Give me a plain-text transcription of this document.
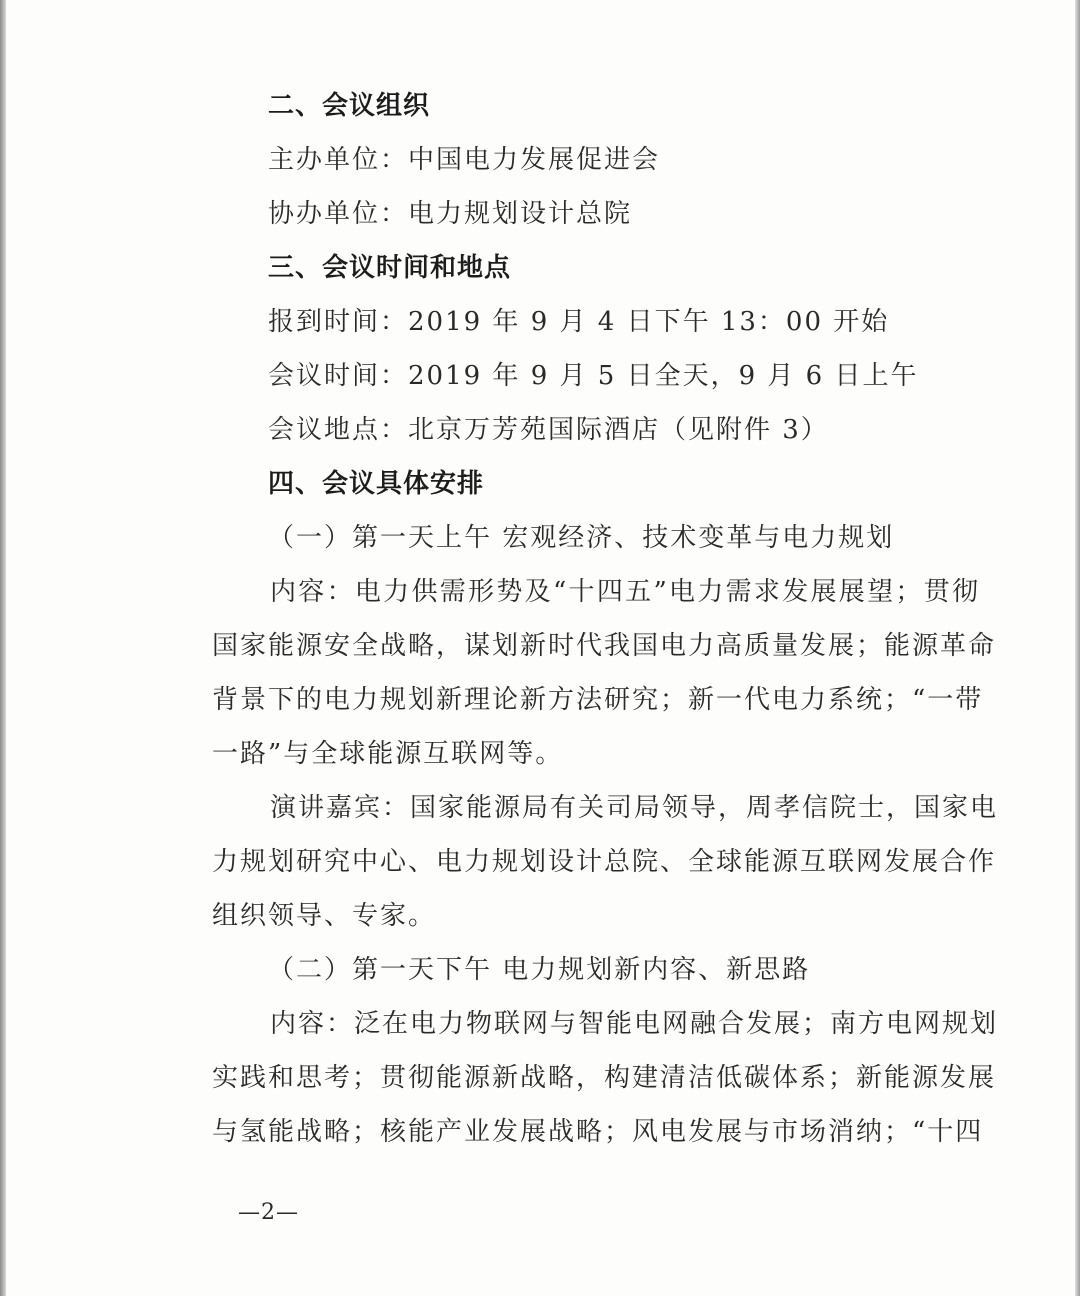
二、会议组织
主办单位：中国电力发展促进会
协办单位：电力规划设计总院
三、会议时间和地点
报到时间：2019 年 9 月 4 日下午 13：00 开始
会议时间：2019 年 9 月 5 日全天，9 月 6 日上午
会议地点：北京万芳苑国际酒店（见附件 3）
四、会议具体安排
（一）第一天上午 宏观经济、技术变革与电力规划
内容：电力供需形势及“十四五”电力需求发展展望；贯彻
国家能源安全战略，谋划新时代我国电力高质量发展；能源革命
背景下的电力规划新理论新方法研究；新一代电力系统；“一带
一路”与全球能源互联网等。
演讲嘉宾：国家能源局有关司局领导，周孝信院士，国家电
力规划研究中心、电力规划设计总院、全球能源互联网发展合作
组织领导、专家。
（二）第一天下午 电力规划新内容、新思路
内容：泛在电力物联网与智能电网融合发展；南方电网规划
实践和思考；贯彻能源新战略，构建清洁低碳体系；新能源发展
与氢能战略；核能产业发展战略；风电发展与市场消纳；“十四
—2—
